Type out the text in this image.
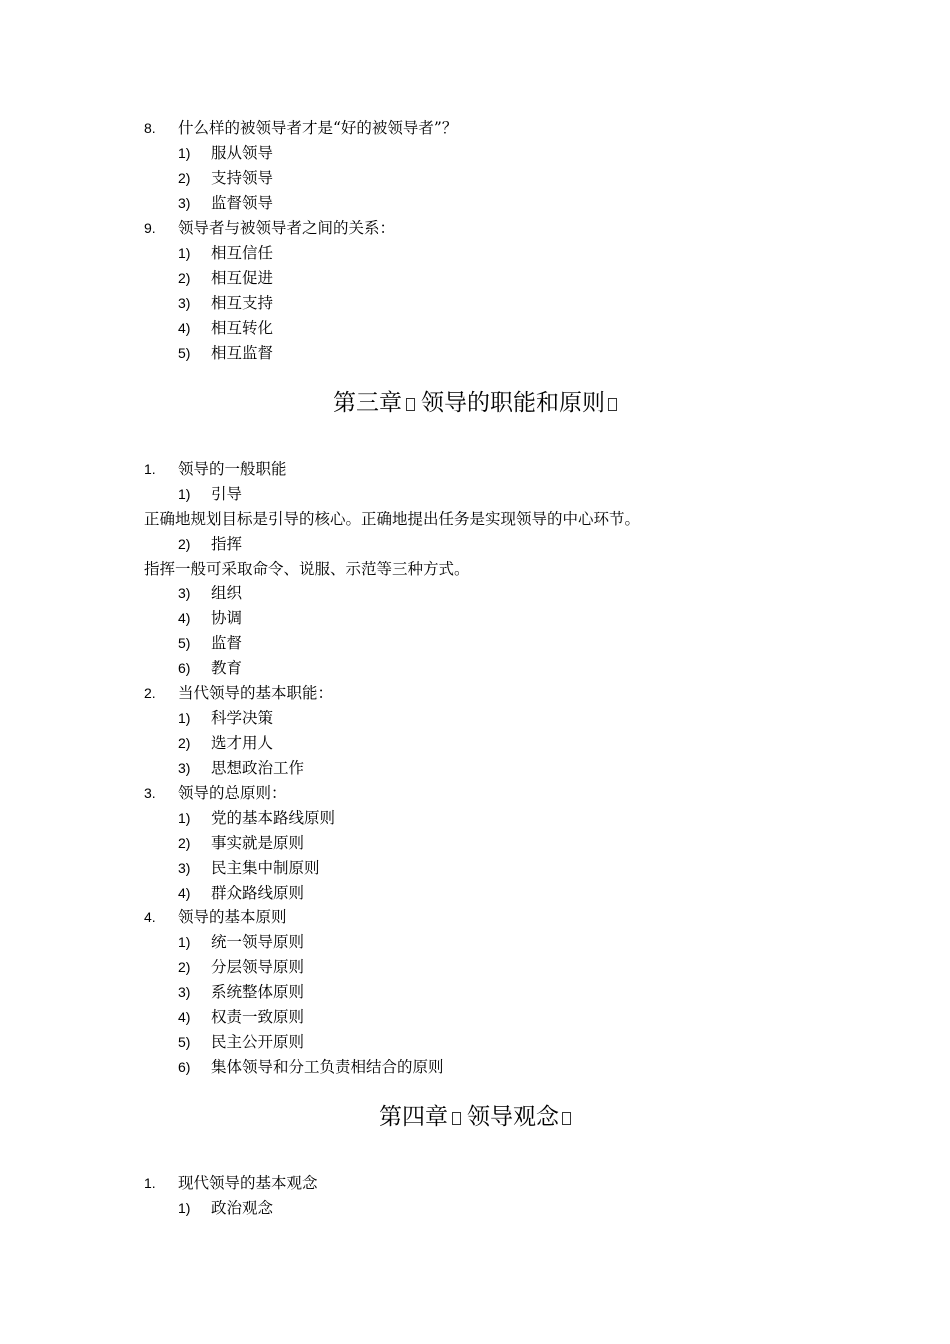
8. 什么样的被领导者才是“好的被领导者”？
1) 服从领导
2) 支持领导
3) 监督领导
9. 领导者与被领导者之间的关系：
1) 相互信任
2) 相互促进
3) 相互支持
4) 相互转化
5) 相互监督
第三章 领导的职能和原则
1. 领导的一般职能
1) 引导
正确地规划目标是引导的核心。正确地提出任务是实现领导的中心环节。
2) 指挥
指挥一般可采取命令、说服、示范等三种方式。
3) 组织
4) 协调
5) 监督
6) 教育
2. 当代领导的基本职能：
1) 科学决策
2) 选才用人
3) 思想政治工作
3. 领导的总原则：
1) 党的基本路线原则
2) 事实就是原则
3) 民主集中制原则
4) 群众路线原则
4. 领导的基本原则
1) 统一领导原则
2) 分层领导原则
3) 系统整体原则
4) 权责一致原则
5) 民主公开原则
6) 集体领导和分工负责相结合的原则
第四章 领导观念
1. 现代领导的基本观念
1) 政治观念
